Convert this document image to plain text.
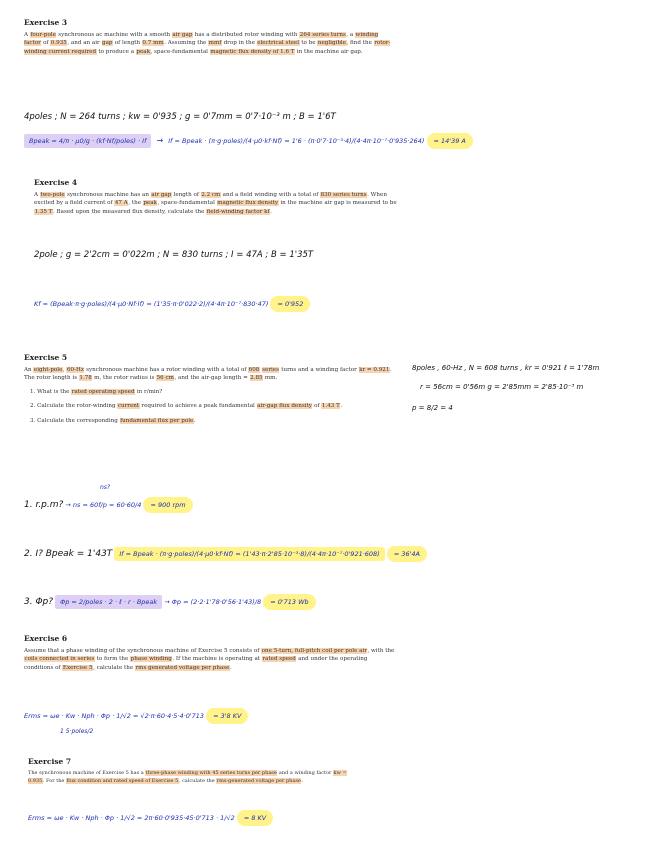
Exercise 3

A four-pole synchronous ac machine with a smooth air gap has a distributed rotor winding with 264 series turns, a winding factor of 0.935, and an air gap of length 0.7 mm. Assuming the mmf drop in the electrical steel to be negligible, find the rotor-winding current required to produce a peak, space-fundamental magnetic flux density of 1.6 T in the machine air gap.

4poles ; N = 264 turns ; kw = 0'935 ; g = 0'7mm = 0'7·10⁻³ m ; B = 1'6T
Bpeak = 4/π · μ0/g · (kf·Nf/poles) · If → If = Bpeak · (π·g·poles)/(4·μ0·kf·Nf) = 1'6 · (π·0'7·10⁻³·4)/(4·4π·10⁻⁷·0'935·264) = 14'39 A
Exercise 4

A two-pole synchronous machine has an air gap length of 2.2 cm and a field winding with a total of 830 series turns. When excited by a field current of 47 A, the peak, space-fundamental magnetic flux density in the machine air gap is measured to be 1.35 T. Based upon the measured flux density, calculate the field-winding factor kf.

2pole ; g = 2'2cm = 0'022m ; N = 830 turns ; I = 47A ; B = 1'35T
Kf = (Bpeak·π·g·poles)/(4·μ0·Nf·If) = (1'35·π·0'022·2)/(4·4π·10⁻⁷·830·47) = 0'952
Exercise 5

An eight-pole, 60-Hz synchronous machine has a rotor winding with a total of 608 series turns and a winding factor kr = 0.921. The rotor length is 1.78 m, the rotor radius is 56 cm, and the air-gap length = 2.85 mm.

1. What is the rated operating speed in r/min?
2. Calculate the rotor-winding current required to achieve a peak fundamental air-gap flux density of 1.43 T.
3. Calculate the corresponding fundamental flux per pole.
8poles , 60-Hz , N = 608 turns , kr = 0'921 ℓ = 1'78m
r = 56cm = 0'56m g = 2'85mm = 2'85·10⁻³ m
p = 8/2 = 4
ns?
1. r.p.m? → ns = 60f/p = 60·60/4 = 900 rpm
2. I? Bpeak = 1'43T If = Bpeak · (π·g·poles)/(4·μ0·kf·Nf) = (1'43·π·2'85·10⁻³·8)/(4·4π·10⁻⁷·0'921·608) = 36'4A
3. Φp? Φp = 2/poles · 2 · ℓ · r · Bpeak → Φp = (2·2·1'78·0'56·1'43)/8 = 0'713 Wb
Exercise 6

Assume that a phase winding of the synchronous machine of Exercise 5 consists of one 5-turn, full-pitch coil per pole air, with the coils connected in series to form the phase winding. If the machine is operating at rated speed and under the operating conditions of Exercise 5, calculate the rms generated voltage per phase.

Erms = ωe · Kw · Nph · Φp · 1/√2 = √2·π·60·4·5·4·0'713 = 3'8 KV
1 5·poles/2
Exercise 7

The synchronous machine of Exercise 5 has a three-phase winding with 45 series turns per phase and a winding factor kw = 0.935. For the flux condition and rated speed of Exercise 5, calculate the rms-generated voltage per phase.

Erms = ωe · Kw · Nph · Φp · 1/√2 = 2π·60·0'935·45·0'713 · 1/√2 = 8 KV
